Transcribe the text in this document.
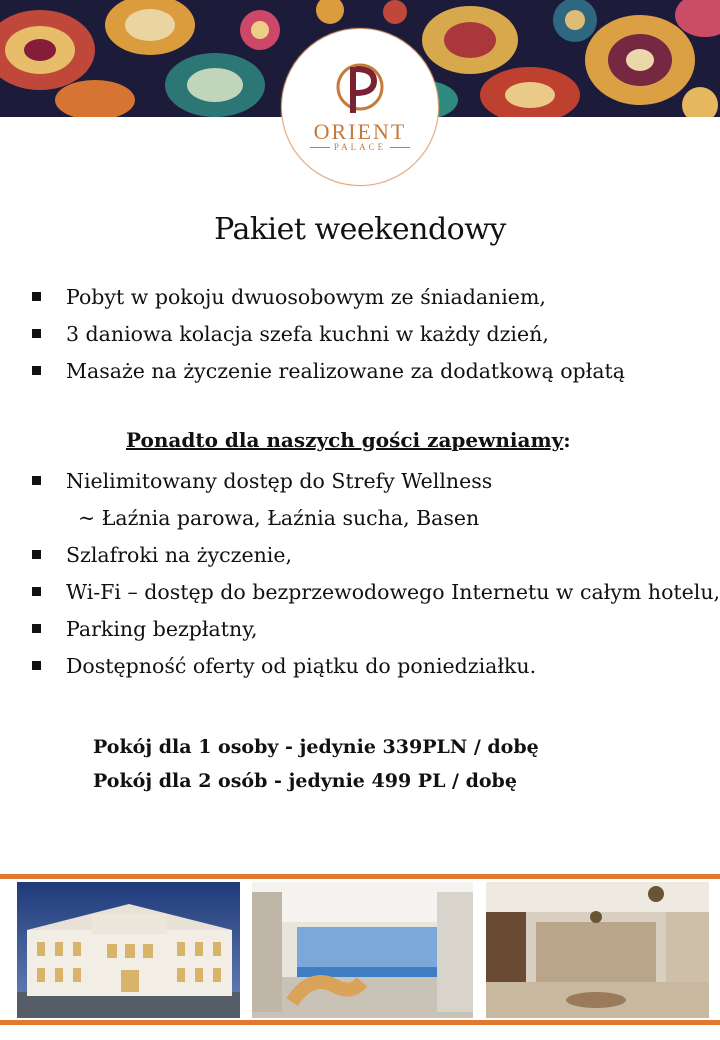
ORIENT
PALACE
Pakiet weekendowy
Pobyt w pokoju dwuosobowym ze śniadaniem,
3 daniowa kolacja szefa kuchni w każdy dzień,
Masaże na życzenie realizowane za dodatkową opłatą
Ponadto dla naszych gości zapewniamy:
Nielimitowany dostęp do Strefy Wellness
~ Łaźnia parowa, Łaźnia sucha, Basen
Szlafroki na życzenie,
Wi-Fi – dostęp do bezprzewodowego Internetu w całym hotelu,
Parking bezpłatny,
Dostępność oferty od piątku do poniedziałku.
Pokój dla 1 osoby - jedynie 339PLN / dobę
Pokój dla 2 osób - jedynie 499 PL / dobę
